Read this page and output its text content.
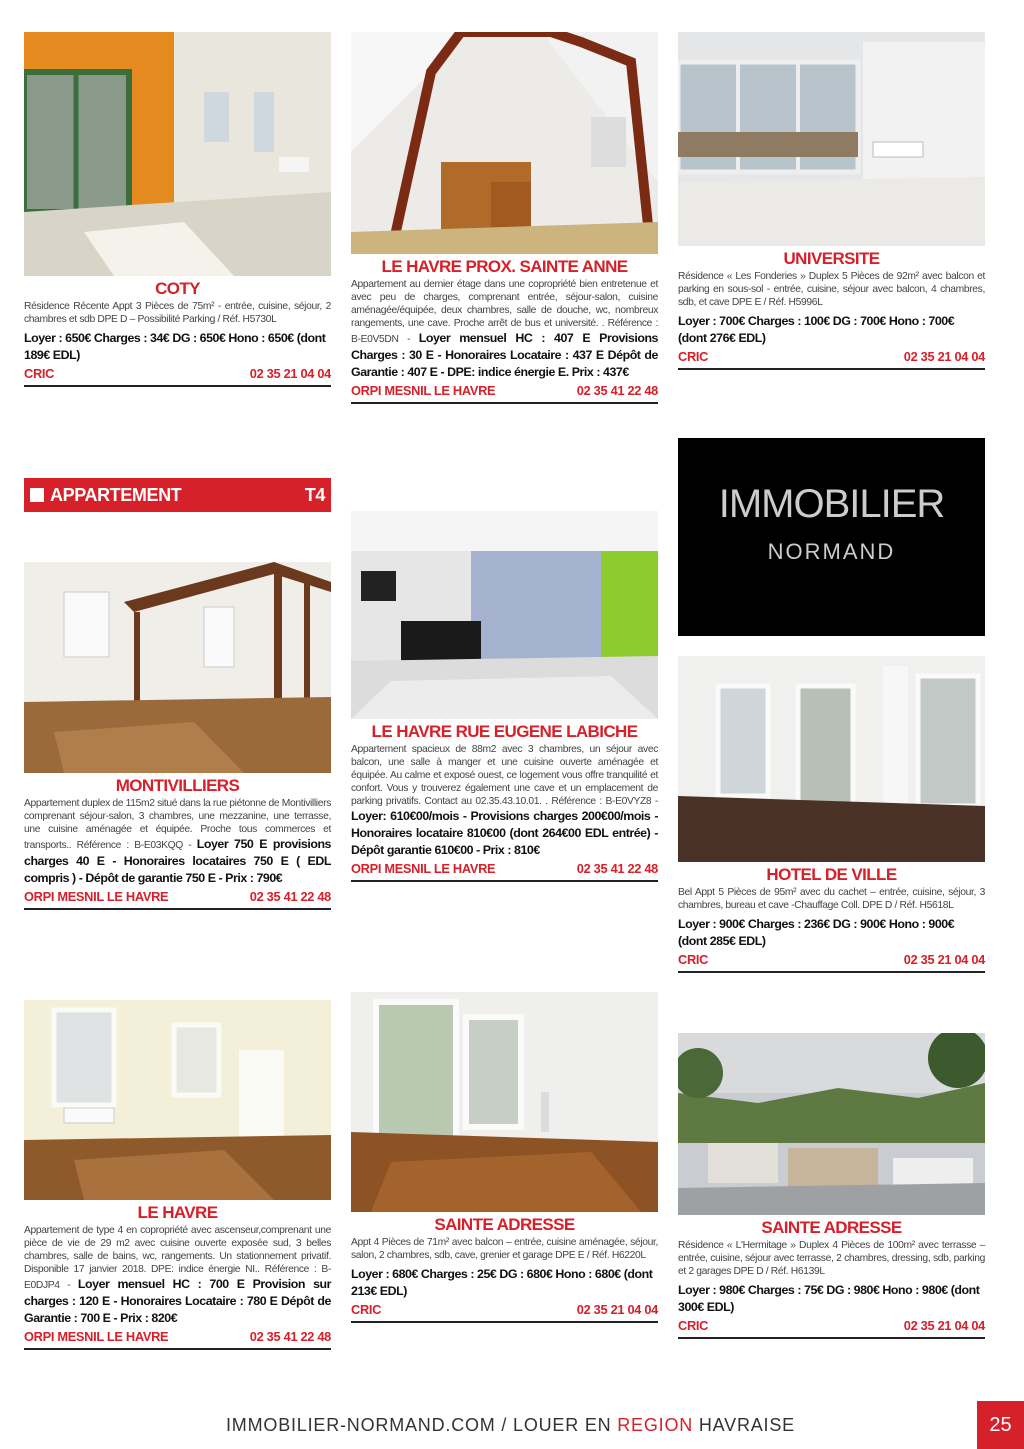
COTY
Résidence Récente Appt 3 Pièces de 75m² - entrée, cuisine, séjour, 2 chambres et sdb DPE D – Possibilité Parking / Réf. H5730L
Loyer : 650€ Charges : 34€ DG : 650€ Hono : 650€ (dont 189€ EDL)
CRIC	02 35 21 04 04
LE HAVRE PROX. SAINTE ANNE
Appartement au dernier étage dans une copropriété bien entretenue et avec peu de charges, comprenant entrée, séjour-salon, cuisine aménagée/équipée, deux chambres, salle de douche, wc, nombreux rangements, une cave. Proche arrêt de bus et université. . Référence : B-E0V5DN - Loyer mensuel HC : 407 E Provisions Charges : 30 E - Honoraires Locataire : 437 E Dépôt de Garantie : 407 E - DPE: indice énergie E. Prix : 437€
ORPI MESNIL LE HAVRE	02 35 41 22 48
UNIVERSITE
Résidence « Les Fonderies » Duplex 5 Pièces de 92m² avec balcon et parking en sous-sol - entrée, cuisine, séjour avec balcon, 4 chambres, sdb, et cave DPE E / Réf. H5996L
Loyer : 700€ Charges : 100€ DG : 700€ Hono : 700€ (dont 276€ EDL)
CRIC	02 35 21 04 04
APPARTEMENT	T4	IMMOBILIER
NORMAND
MONTIVILLIERS
Appartement duplex de 115m2 situé dans la rue piétonne de Montivilliers comprenant séjour-salon, 3 chambres, une mezzanine, une terrasse, une cuisine aménagée et équipée. Proche tous commerces et transports.. Référence : B-E03KQQ - Loyer 750 E provisions charges 40 E - Honoraires locataires 750 E ( EDL compris ) - Dépôt de garantie 750 E - Prix : 790€
ORPI MESNIL LE HAVRE	02 35 41 22 48
LE HAVRE RUE EUGENE LABICHE
Appartement spacieux de 88m2 avec 3 chambres, un séjour avec balcon, une salle à manger et une cuisine ouverte aménagée et équipée. Au calme et exposé ouest, ce logement vous offre tranquilité et confort. Vous y trouverez également une cave et un emplacement de parking privatifs. Contact au 02.35.43.10.01. . Référence : B-E0VYZ8 - Loyer: 610€00/mois - Provisions charges 200€00/mois - Honoraires locataire 810€00 (dont 264€00 EDL entrée) - Dépôt garantie 610€00 - Prix : 810€
ORPI MESNIL LE HAVRE	02 35 41 22 48	HOTEL DE VILLE
Bel Appt 5 Pièces de 95m² avec du cachet – entrée, cuisine, séjour, 3 chambres, bureau et cave -Chauffage Coll. DPE D / Réf. H5618L
Loyer : 900€ Charges : 236€ DG : 900€ Hono : 900€ (dont 285€ EDL)
CRIC	02 35 21 04 04
LE HAVRE
Appartement de type 4 en copropriété avec ascenseur,comprenant une pièce de vie de 29 m2 avec cuisine ouverte exposée sud, 3 belles chambres, salle de bains, wc, rangements. Un stationnement privatif. Disponible 17 janvier 2018. DPE: indice énergie NI.. Référence : B-E0DJP4 - Loyer mensuel HC : 700 E Provision sur charges : 120 E - Honoraires Locataire : 780 E Dépôt de Garantie : 700 E - Prix : 820€
ORPI MESNIL LE HAVRE	02 35 41 22 48
SAINTE ADRESSE
Appt 4 Pièces de 71m² avec balcon – entrée, cuisine aménagée, séjour, salon, 2 chambres, sdb, cave, grenier et garage DPE E / Réf. H6220L
Loyer : 680€ Charges : 25€ DG : 680€ Hono : 680€ (dont 213€ EDL)
CRIC	02 35 21 04 04
SAINTE ADRESSE
Résidence « L'Hermitage » Duplex 4 Pièces de 100m² avec terrasse – entrée, cuisine, séjour avec terrasse, 2 chambres, dressing, sdb, parking et 2 garages DPE D / Réf. H6139L
Loyer : 980€ Charges : 75€ DG : 980€ Hono : 980€ (dont 300€ EDL)
CRIC	02 35 21 04 04
IMMOBILIER-NORMAND.COM / LOUER EN REGION HAVRAISE	25
